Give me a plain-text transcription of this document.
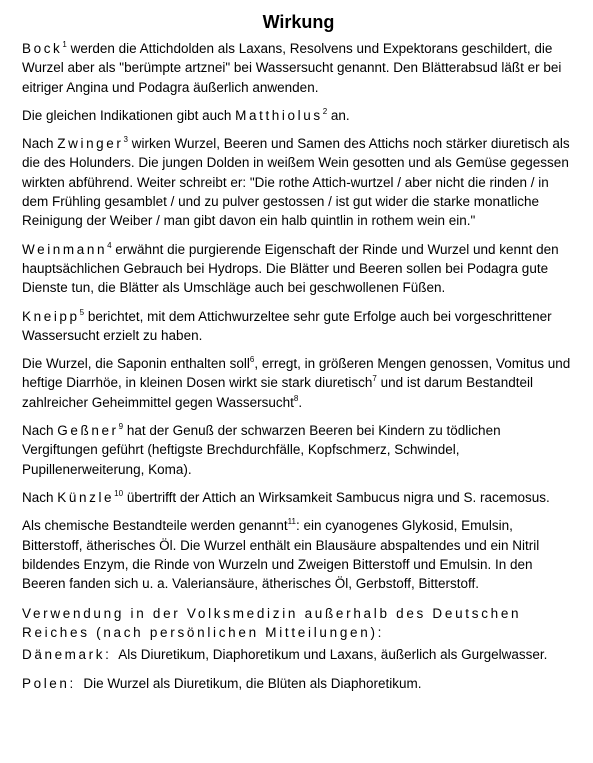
Wirkung

Bock$^1$ werden die Attichdolden als Laxans, Resolvens und Expektorans geschildert, die Wurzel aber als "berümpte artznei" bei Wassersucht genannt. Den Blätterabsud läßt er bei eitriger Angina und Podagra äußerlich anwenden.

Die gleichen Indikationen gibt auch Matthiolus$^2$ an.

Nach Zwinger$^3$ wirken Wurzel, Beeren und Samen des Attichs noch stärker diuretisch als die des Holunders. Die jungen Dolden in weißem Wein gesotten und als Gemüse gegessen wirkten abführend. Weiter schreibt er: "Die rothe Attich-wurtzel / aber nicht die rinden / in dem Frühling gesamblet / und zu pulver gestossen / ist gut wider die starke monatliche Reinigung der Weiber / man gibt davon ein halb quintlin in rothem wein ein."

Weinmann$^4$ erwähnt die purgierende Eigenschaft der Rinde und Wurzel und kennt den hauptsächlichen Gebrauch bei Hydrops. Die Blätter und Beeren sollen bei Podagra gute Dienste tun, die Blätter als Umschläge auch bei geschwollenen Füßen.

Kneipp$^5$ berichtet, mit dem Attichwurzeltee sehr gute Erfolge auch bei vorgeschrittener Wassersucht erzielt zu haben.

Die Wurzel, die Saponin enthalten soll$^6$, erregt, in größeren Mengen genossen, Vomitus und heftige Diarrhöe, in kleinen Dosen wirkt sie stark diuretisch$^7$ und ist darum Bestandteil zahlreicher Geheimmittel gegen Wassersucht$^8$.

Nach Geßner$^9$ hat der Genuß der schwarzen Beeren bei Kindern zu tödlichen Vergiftungen geführt (heftigste Brechdurchfälle, Kopfschmerz, Schwindel, Pupillenerweiterung, Koma).

Nach Künzle$^{10}$ übertrifft der Attich an Wirksamkeit Sambucus nigra und S. racemosus.

Als chemische Bestandteile werden genannt$^{11}$: ein cyanogenes Glykosid, Emulsin, Bitterstoff, ätherisches Öl. Die Wurzel enthält ein Blausäure abspaltendes und ein Nitril bildendes Enzym, die Rinde von Wurzeln und Zweigen Bitterstoff und Emulsin. In den Beeren fanden sich u. a. Valeriansäure, ätherisches Öl, Gerbstoff, Bitterstoff.

Verwendung in der Volksmedizin außerhalb des Deutschen Reiches (nach persönlichen Mitteilungen):

Dänemark:  Als Diuretikum, Diaphoretikum und Laxans, äußerlich als Gurgelwasser.

Polen:  Die Wurzel als Diuretikum, die Blüten als Diaphoretikum.
